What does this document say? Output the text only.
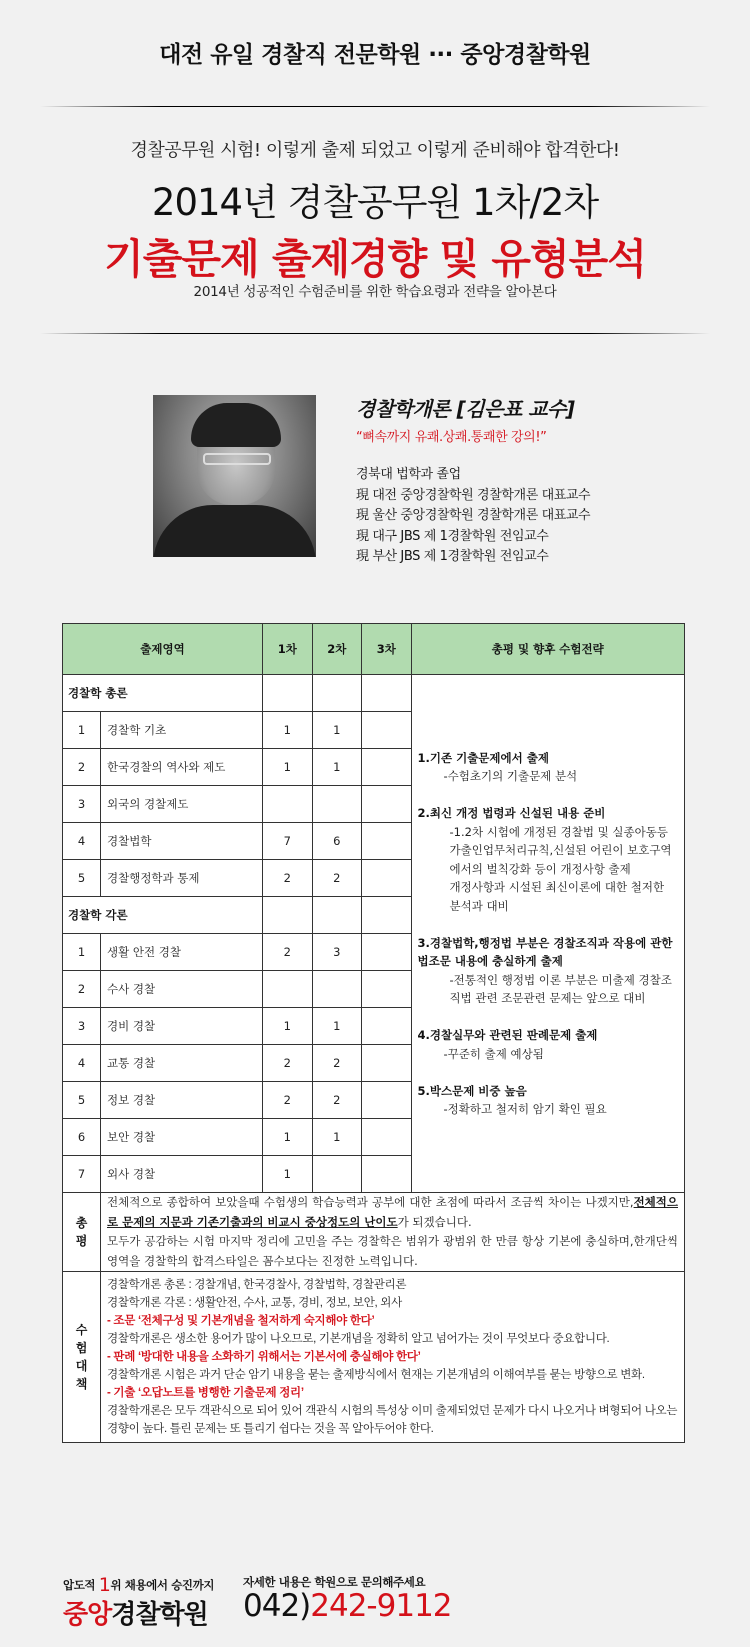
대전 유일 경찰직 전문학원 ··· 중앙경찰학원
경찰공무원 시험! 이렇게 출제 되었고 이렇게 준비해야 합격한다!
2014년 경찰공무원 1차/2차
기출문제 출제경향 및 유형분석
2014년 성공적인 수험준비를 위한 학습요령과 전략을 알아본다
경찰학개론 [김은표 교수]
“뼈속까지 유쾌.상쾌.통쾌한 강의!”
경북대 법학과 졸업
現 대전 중앙경찰학원 경찰학개론 대표교수
現 울산 중앙경찰학원 경찰학개론 대표교수
現 대구 JBS 제 1경찰학원 전임교수
現 부산 JBS 제 1경찰학원 전임교수
출제영역		1차	2차	3차	총평 및 향후 수험전략
경찰학 총론				
1.기존 기출문제에서 출제
-수험초기의 기출문제 분석
2.최신 개정 법령과 신설된 내용 준비
-1.2차 시험에 개정된 경찰법 및 실종아동등가출인업무처리규칙,신설된 어린이 보호구역에서의 벌칙강화 등이 개정사항 출제
개정사항과 시설된 최신이론에 대한 철저한 분석과 대비
3.경찰법학,행정법 부분은 경찰조직과 작용에 관한 법조문 내용에 충실하게 출제
-전통적인 행정법 이론 부분은 미출제 경찰조직법 관련 조문관련 문제는 앞으로 대비
4.경찰실무와 관련된 판례문제 출제
-꾸준히 출제 예상됨
5.박스문제 비중 높음
-정확하고 철저히 암기 확인 필요

1	경찰학 기초	1	1		
2	한국경찰의 역사와 제도	1	1		
3	외국의 경찰제도				
4	경찰법학	7	6		
5	경찰행정학과 통제	2	2		
경찰학 각론					
1	생활 안전 경찰	2	3		
2	수사 경찰				
3	경비 경찰	1	1		
4	교통 경찰	2	2		
5	정보 경찰	2	2		
6	보안 경찰	1	1		
7	외사 경찰	1			
총
평	전체적으로 종합하여 보았을때 수험생의 학습능력과 공부에 대한 초점에 따라서 조금씩 차이는 나겠지만,전체적으로 문제의 지문과 기존기출과의 비교시 중상정도의 난이도가 되겠습니다.
모두가 공감하는 시험 마지막 정리에 고민을 주는 경찰학은 범위가 광범위 한 만큼 항상 기본에 충실하며,한개단씩 영역을 경찰학의 합격스타일은 꼼수보다는 진정한 노력입니다.				
수
험
대
책	
경찰학개론 총론 : 경찰개념, 한국경찰사, 경찰법학, 경찰관리론
경찰학개론 각론 : 생활안전, 수사, 교통, 경비, 정보, 보안, 외사
- 조문 ‘전체구성 및 기본개념을 철저하게 숙지해야 한다’
경찰학개론은 생소한 용어가 많이 나오므로, 기본개념을 정확히 알고 넘어가는 것이 무엇보다 중요합니다.
- 판례 ‘방대한 내용을 소화하기 위해서는 기본서에 충실해야 한다’
경찰학개론 시험은 과거 단순 암기 내용을 묻는 출제방식에서 현재는 기본개념의 이해여부를 묻는 방향으로 변화.
- 기출 ‘오답노트를 병행한 기출문제 정리’
경찰학개론은 모두 객관식으로 되어 있어 객관식 시험의 특성상 이미 출제되었던 문제가 다시 나오거나 벼형되어 나오는 경향이 높다. 틀린 문제는 또 틀리기 쉽다는 것을 꼭 알아두어야 한다.
압도적 1위 채용에서 승진까지
중앙경찰학원
자세한 내용은 학원으로 문의해주세요
042)242-9112
